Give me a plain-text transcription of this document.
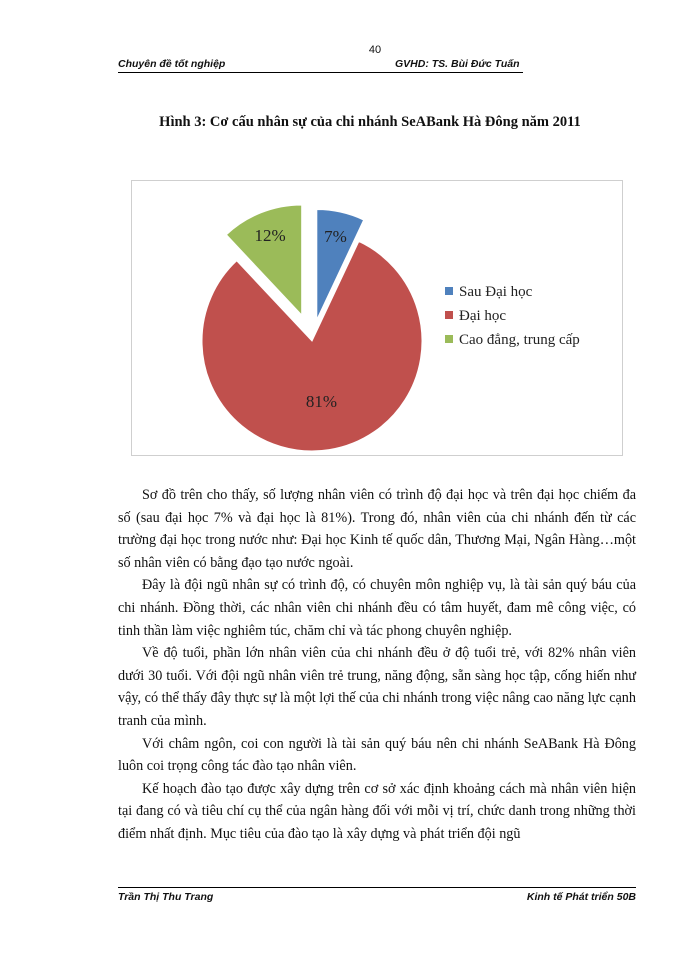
40
Chuyên đề tốt nghiệp	GVHD: TS. Bùi Đức Tuấn
Hình 3: Cơ cấu nhân sự của chi nhánh SeABank Hà Đông năm 2011
7%
81%
12%
Sau Đại học
Đại học
Cao đẳng, trung cấp

Sơ đồ trên cho thấy, số lượng nhân viên có trình độ đại học và trên đại học chiếm đa số (sau đại học 7% và đại học là 81%). Trong đó, nhân viên của chi nhánh đến từ các trường đại học trong nước như: Đại học Kinh tế quốc dân, Thương Mại, Ngân Hàng…một số nhân viên có bằng đạo tạo nước ngoài.

Đây là đội ngũ nhân sự có trình độ, có chuyên môn nghiệp vụ, là tài sản quý báu của chi nhánh. Đồng thời, các nhân viên chi nhánh đều có tâm huyết, đam mê công việc, có tinh thần làm việc nghiêm túc, chăm chỉ và tác phong chuyên nghiệp.

Về độ tuổi, phần lớn nhân viên của chi nhánh đều ở độ tuổi trẻ, với 82% nhân viên dưới 30 tuổi. Với đội ngũ nhân viên trẻ trung, năng động, sẵn sàng học tập, cống hiến như vậy, có thể thấy đây thực sự là một lợi thế của chi nhánh trong việc nâng cao năng lực cạnh tranh của mình.

Với châm ngôn, coi con người là tài sản quý báu nên chi nhánh SeABank Hà Đông luôn coi trọng công tác đào tạo nhân viên.

Kế hoạch đào tạo được xây dựng trên cơ sở xác định khoảng cách mà nhân viên hiện tại đang có và tiêu chí cụ thể của ngân hàng đối với mỗi vị trí, chức danh trong những thời điểm nhất định. Mục tiêu của đào tạo là xây dựng và phát triển đội ngũ

Trần Thị Thu Trang	Kinh tế Phát triển 50B
